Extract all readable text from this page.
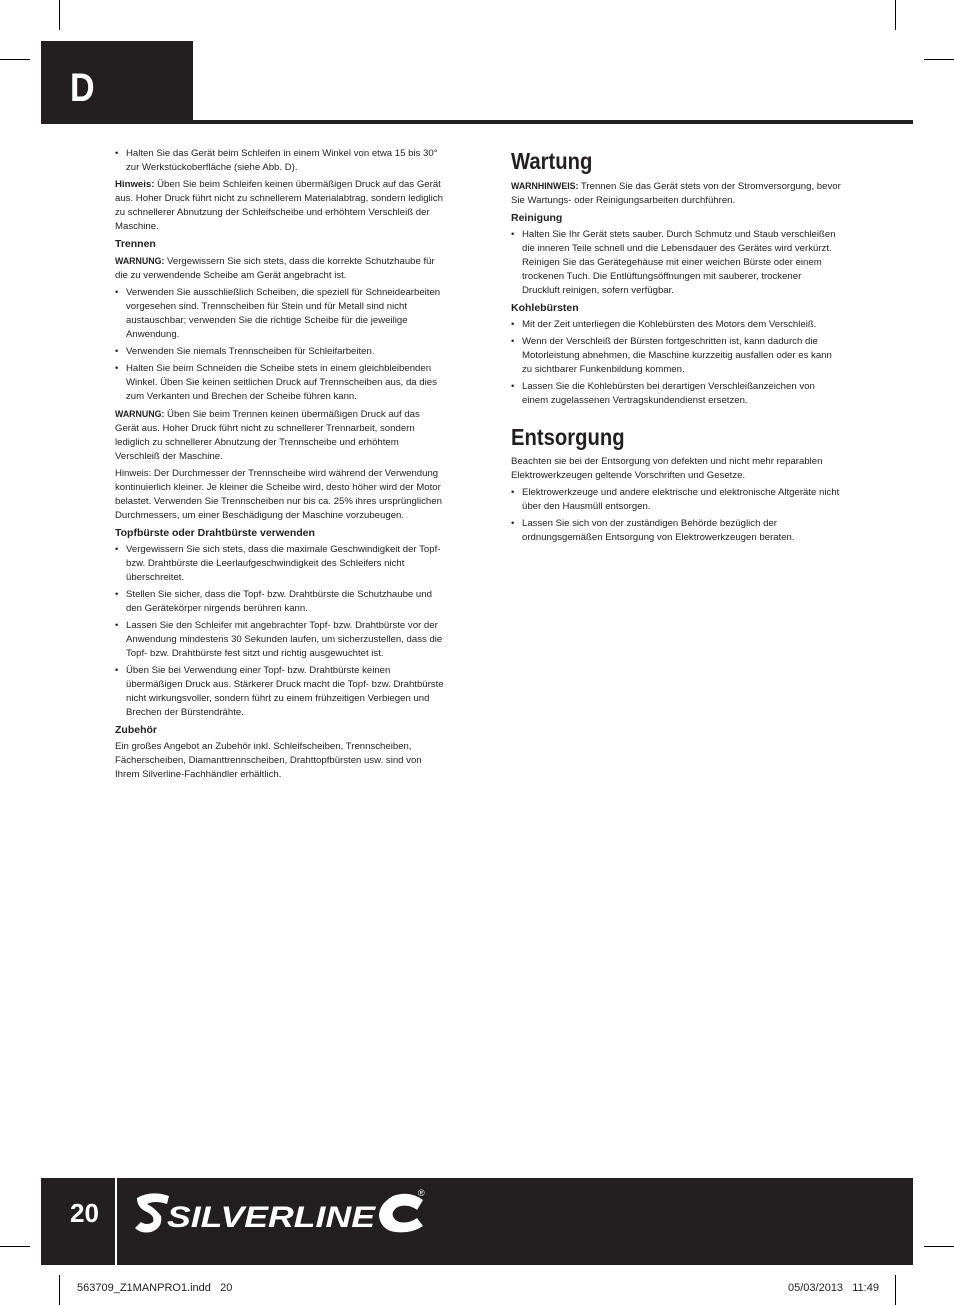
D
• Halten Sie das Gerät beim Schleifen in einem Winkel von etwa 15 bis 30° zur Werkstückoberfläche (siehe Abb. D).

Hinweis: Üben Sie beim Schleifen keinen übermäßigen Druck auf das Gerät aus. Hoher Druck führt nicht zu schnellerem Materialabtrag, sondern lediglich zu schnellerer Abnutzung der Schleifscheibe und erhöhtem Verschleiß der Maschine.

Trennen

WARNUNG: Vergewissern Sie sich stets, dass die korrekte Schutzhaube für die zu verwendende Scheibe am Gerät angebracht ist.

• Verwenden Sie ausschließlich Scheiben, die speziell für Schneidearbeiten vorgesehen sind. Trennscheiben für Stein und für Metall sind nicht austauschbar; verwenden Sie die richtige Scheibe für die jeweilige Anwendung.
• Verwenden Sie niemals Trennscheiben für Schleifarbeiten.
• Halten Sie beim Schneiden die Scheibe stets in einem gleichbleibenden Winkel. Üben Sie keinen seitlichen Druck auf Trennscheiben aus, da dies zum Verkanten und Brechen der Scheibe führen kann.

WARNUNG: Üben Sie beim Trennen keinen übermäßigen Druck auf das Gerät aus. Hoher Druck führt nicht zu schnellerer Trennarbeit, sondern lediglich zu schnellerer Abnutzung der Trennscheibe und erhöhtem Verschleiß der Maschine.

Hinweis: Der Durchmesser der Trennscheibe wird während der Verwendung kontinuierlich kleiner. Je kleiner die Scheibe wird, desto höher wird der Motor belastet. Verwenden Sie Trennscheiben nur bis ca. 25% ihres ursprünglichen Durchmessers, um einer Beschädigung der Maschine vorzubeugen.

Topfbürste oder Drahtbürste verwenden
• Vergewissern Sie sich stets, dass die maximale Geschwindigkeit der Topf- bzw. Drahtbürste die Leerlaufgeschwindigkeit des Schleifers nicht überschreitet.
• Stellen Sie sicher, dass die Topf- bzw. Drahtbürste die Schutzhaube und den Gerätekörper nirgends berühren kann.
• Lassen Sie den Schleifer mit angebrachter Topf- bzw. Drahtbürste vor der Anwendung mindestens 30 Sekunden laufen, um sicherzustellen, dass die Topf- bzw. Drahtbürste fest sitzt und richtig ausgewuchtet ist.
• Üben Sie bei Verwendung einer Topf- bzw. Drahtbürste keinen übermäßigen Druck aus. Stärkerer Druck macht die Topf- bzw. Drahtbürste nicht wirkungsvoller, sondern führt zu einem frühzeitigen Verbiegen und Brechen der Bürstendrähte.
Zubehör

Ein großes Angebot an Zubehör inkl. Schleifscheiben, Trennscheiben, Fächerscheiben, Diamanttrennscheiben, Drahttopfbürsten usw. sind von Ihrem Silverline-Fachhändler erhältlich.

Wartung

WARNHINWEIS: Trennen Sie das Gerät stets von der Stromversorgung, bevor Sie Wartungs- oder Reinigungsarbeiten durchführen.

Reinigung
• Halten Sie Ihr Gerät stets sauber. Durch Schmutz und Staub verschleißen die inneren Teile schnell und die Lebensdauer des Gerätes wird verkürzt. Reinigen Sie das Gerätegehäuse mit einer weichen Bürste oder einem trockenen Tuch. Die Entlüftungsöffnungen mit sauberer, trockener Druckluft reinigen, sofern verfügbar.
Kohlebürsten
• Mit der Zeit unterliegen die Kohlebürsten des Motors dem Verschleiß.
• Wenn der Verschleiß der Bürsten fortgeschritten ist, kann dadurch die Motorleistung abnehmen, die Maschine kurzzeitig ausfallen oder es kann zu sichtbarer Funkenbildung kommen.
• Lassen Sie die Kohlebürsten bei derartigen Verschleißanzeichen von einem zugelassenen Vertragskundendienst ersetzen.
Entsorgung

Beachten sie bei der Entsorgung von defekten und nicht mehr reparablen Elektrowerkzeugen geltende Vorschriften und Gesetze.

• Elektrowerkzeuge und andere elektrische und elektronische Altgeräte nicht über den Hausmüll entsorgen.
• Lassen Sie sich von der zuständigen Behörde bezüglich der ordnungsgemäßen Entsorgung von Elektrowerkzeugen beraten.
20 SILVERLINE
®
563709_Z1MANPRO1.indd   20	05/03/2013   11:49
